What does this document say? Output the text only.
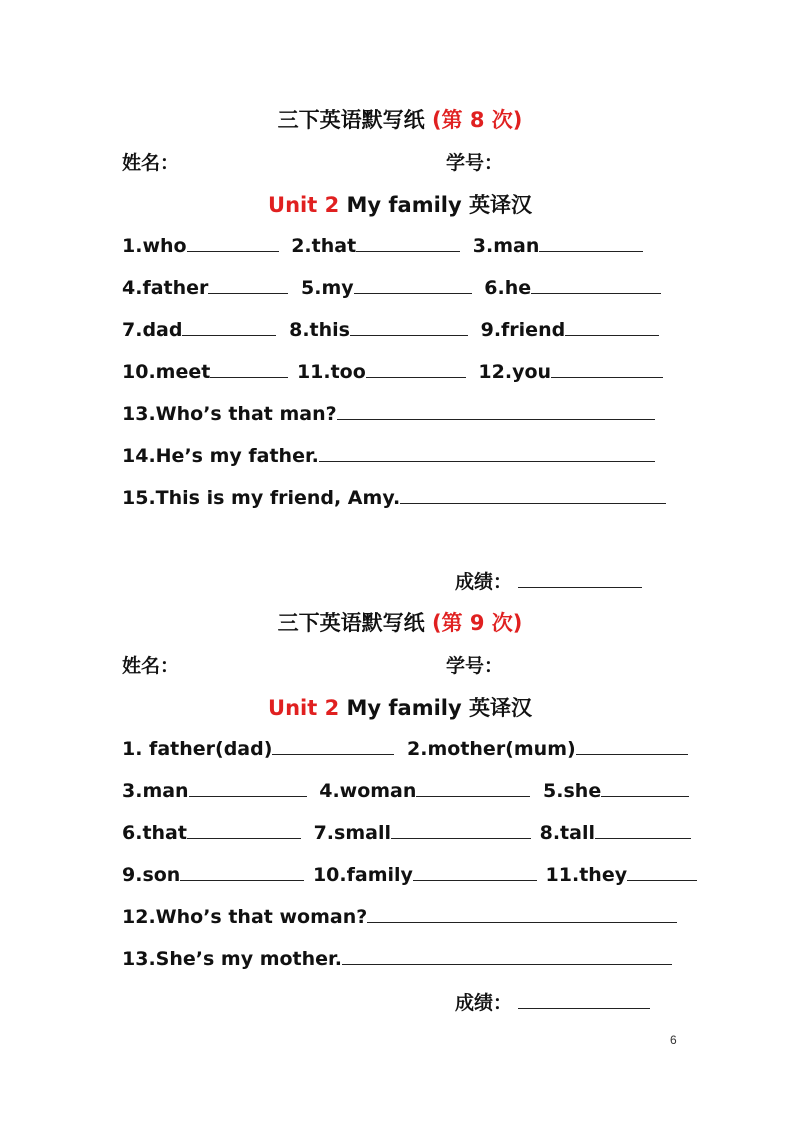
三下英语默写纸 (第 8 次)
姓名：	学号：
Unit 2 My family 英译汉
1.who	2.that	3.man
4.father	5.my	6.he
7.dad	8.this	9.friend
10.meet	11.too	12.you
13.Who’s that man?
14.He’s my father.
15.This is my friend, Amy.
成绩：
三下英语默写纸 (第 9 次)
姓名：	学号：
Unit 2 My family 英译汉
1. father(dad)	2.mother(mum)
3.man	4.woman	5.she
6.that	7.small	8.tall
9.son	10.family	11.they
12.Who’s that woman?
13.She’s my mother.
成绩：
6
